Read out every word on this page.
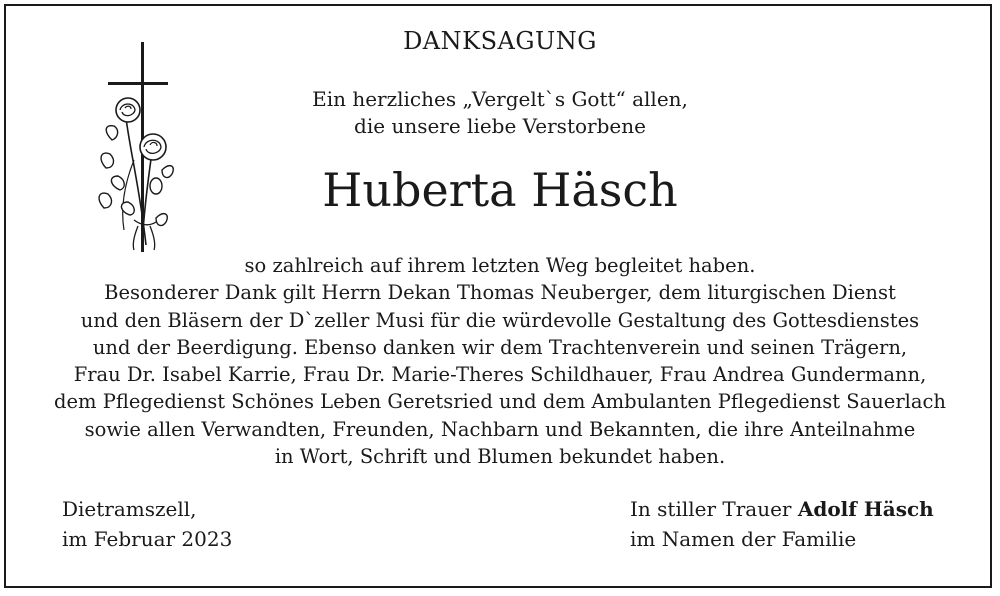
DANKSAGUNG
Ein herzliches „Vergelt`s Gott“ allen,
die unsere liebe Verstorbene
Huberta Häsch
so zahlreich auf ihrem letzten Weg begleitet haben.
Besonderer Dank gilt Herrn Dekan Thomas Neuberger, dem liturgischen Dienst
und den Bläsern der D`zeller Musi für die würdevolle Gestaltung des Gottesdienstes
und der Beerdigung. Ebenso danken wir dem Trachtenverein und seinen Trägern,
Frau Dr. Isabel Karrie, Frau Dr. Marie-Theres Schildhauer, Frau Andrea Gundermann,
dem Pflegedienst Schönes Leben Geretsried und dem Ambulanten Pflegedienst Sauerlach
sowie allen Verwandten, Freunden, Nachbarn und Bekannten, die ihre Anteilnahme
in Wort, Schrift und Blumen bekundet haben.
Dietramszell,
im Februar 2023
In stiller Trauer Adolf Häsch
im Namen der Familie
